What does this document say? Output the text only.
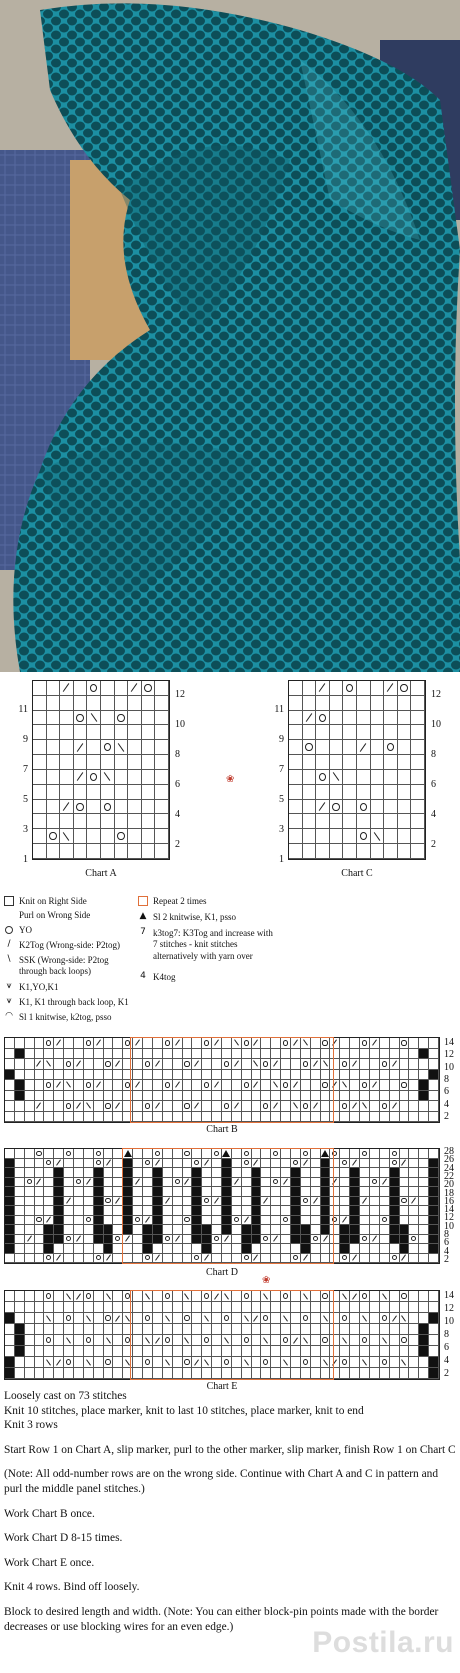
Chart A	Chart C
❀
Knit on Right Side
Purl on Wrong Side
YO
/ K2Tog (Wrong-side: P2tog)
\ SSK (Wrong-side: P2tog through back loops)
⩛ K1,YO,K1
⩛ K1, K1 through back loop, K1
◠ Sl 1 knitwise, k2tog, psso
Repeat 2 times
▲ Sl 2 knitwise, K1, psso
7 k3tog7: K3Tog and increase with 7 stitches - knit stitches alternatively with yarn over
4 K4tog
Chart B
Chart D
❀
Chart E
12
10
8
6
4
2
11
9
7
5
3
1
12
10
8
6
4
2
11
9
7
5
3
1
14
12
10
8
6
4
2
28
26
24
22
20
18
16
14
12
10
8
6
4
2
14
12
10
8
6
4
2

Loosely cast on 73 stitches

Knit 10 stitches, place marker, knit to last 10 stitches, place marker, knit to end

Knit 3 rows

Start Row 1 on Chart A, slip marker, purl to the other marker, slip marker, finish Row 1 on Chart C

(Note: All odd-number rows are on the wrong side. Continue with Chart A and C in pattern and purl the middle panel stitches.)

Work Chart B once.

Work Chart D 8-15 times.

Work Chart E once.

Knit 4 rows. Bind off loosely.

Block to desired length and width. (Note: You can either block-pin points made with the border decreases or use blocking wires for an even edge.)	Postila.ru
